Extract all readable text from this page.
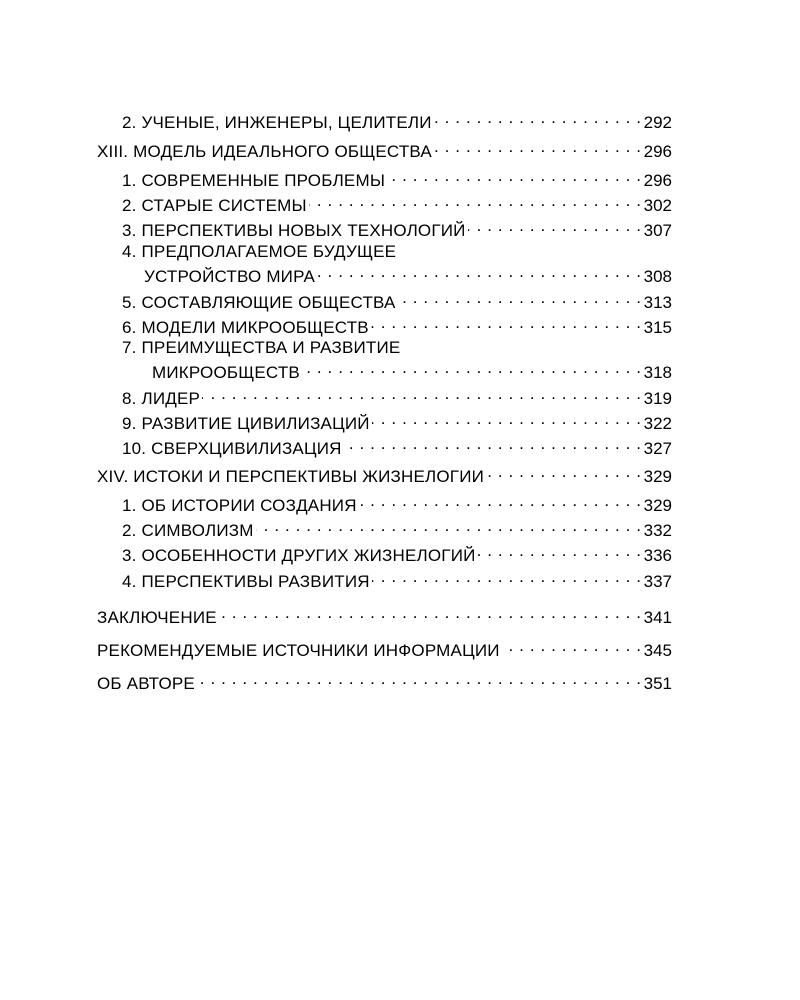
2. УЧЕНЫЕ, ИНЖЕНЕРЫ, ЦЕЛИТЕЛИ . . .	292
XIII. МОДЕЛЬ ИДЕАЛЬНОГО ОБЩЕСТВА . . .	296
1. СОВРЕМЕННЫЕ ПРОБЛЕМЫ . . .	296
2. СТАРЫЕ СИСТЕМЫ . . .	302
3. ПЕРСПЕКТИВЫ НОВЫХ ТЕХНОЛОГИЙ . . .	307
4. ПРЕДПОЛАГАЕМОЕ БУДУЩЕЕ
УСТРОЙСТВО МИРА . . .	308
5. СОСТАВЛЯЮЩИЕ ОБЩЕСТВА . . .	313
6. МОДЕЛИ МИКРООБЩЕСТВ . . .	315
7. ПРЕИМУЩЕСТВА И РАЗВИТИЕ
МИКРООБЩЕСТВ . . .	318
8. ЛИДЕР . . .	319
9. РАЗВИТИЕ ЦИВИЛИЗАЦИЙ . . .	322
10. СВЕРХЦИВИЛИЗАЦИЯ . . .	327
XIV. ИСТОКИ И ПЕРСПЕКТИВЫ ЖИЗНЕЛОГИИ . . .	329
1. ОБ ИСТОРИИ СОЗДАНИЯ . . .	329
2. СИМВОЛИЗМ . . .	332
3. ОСОБЕННОСТИ ДРУГИХ ЖИЗНЕЛОГИЙ . . .	336
4. ПЕРСПЕКТИВЫ РАЗВИТИЯ . . .	337
ЗАКЛЮЧЕНИЕ . . .	341
РЕКОМЕНДУЕМЫЕ ИСТОЧНИКИ ИНФОРМАЦИИ . . .	345
ОБ АВТОРЕ . . .	351
